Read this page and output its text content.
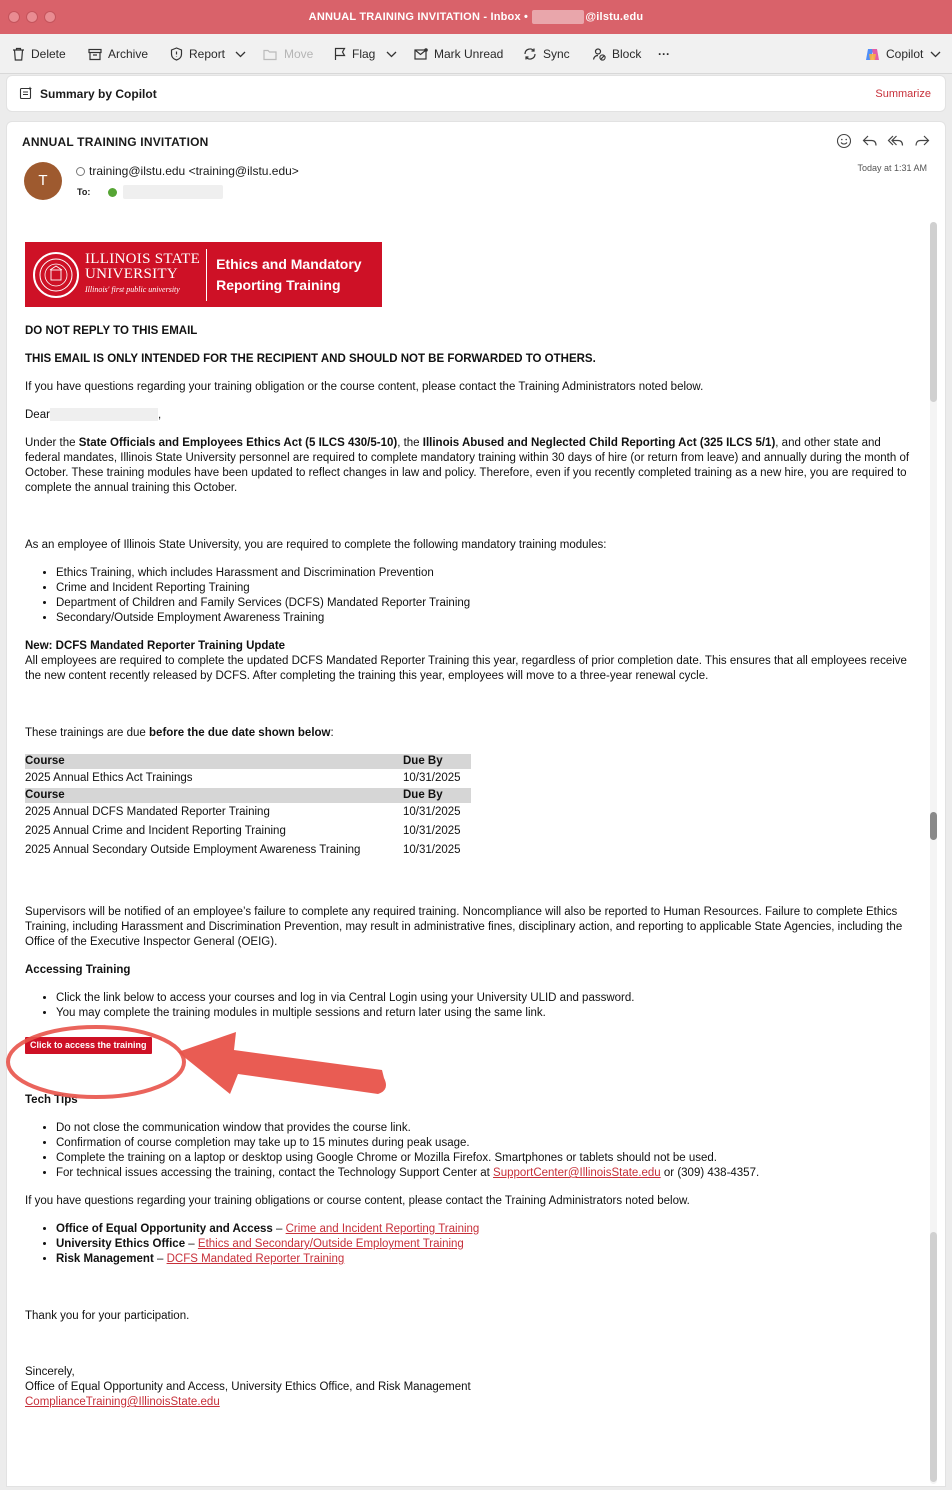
ANNUAL TRAINING INVITATION - Inbox •	@ilstu.edu
Delete	Archive	Report	Move	Flag	Mark Unread	Sync	Block ···	Copilot
Summary by Copilot	Summarize
ANNUAL TRAINING INVITATION
T
training@ilstu.edu <training@ilstu.edu>
To:
Today at 1:31 AM
ILLINOIS STATE
UNIVERSITY
Illinois' first public university
Ethics and Mandatory
Reporting Training
DO NOT REPLY TO THIS EMAIL
THIS EMAIL IS ONLY INTENDED FOR THE RECIPIENT AND SHOULD NOT BE FORWARDED TO OTHERS.
If you have questions regarding your training obligation or the course content, please contact the Training Administrators noted below.
Dear	,
Under the State Officials and Employees Ethics Act (5 ILCS 430/5-10), the Illinois Abused and Neglected Child Reporting Act (325 ILCS 5/1), and other state and federal mandates, Illinois State University personnel are required to complete mandatory training within 30 days of hire (or return from leave) and annually during the month of October. These training modules have been updated to reflect changes in law and policy. Therefore, even if you recently completed training as a new hire, you are required to complete the annual training this October.
As an employee of Illinois State University, you are required to complete the following mandatory training modules:
• Ethics Training, which includes Harassment and Discrimination Prevention
• Crime and Incident Reporting Training
• Department of Children and Family Services (DCFS) Mandated Reporter Training
• Secondary/Outside Employment Awareness Training
New: DCFS Mandated Reporter Training Update
All employees are required to complete the updated DCFS Mandated Reporter Training this year, regardless of prior completion date. This ensures that all employees receive the new content recently released by DCFS. After completing the training this year, employees will move to a three-year renewal cycle.
These trainings are due before the due date shown below:
Course	Due By
2025 Annual Ethics Act Trainings	10/31/2025
Course	Due By
2025 Annual DCFS Mandated Reporter Training	10/31/2025
2025 Annual Crime and Incident Reporting Training	10/31/2025
2025 Annual Secondary Outside Employment Awareness Training	10/31/2025
Supervisors will be notified of an employee’s failure to complete any required training. Noncompliance will also be reported to Human Resources. Failure to complete Ethics Training, including Harassment and Discrimination Prevention, may result in administrative fines, disciplinary action, and reporting to applicable State Agencies, including the Office of the Executive Inspector General (OEIG).
Accessing Training
• Click the link below to access your courses and log in via Central Login using your University ULID and password.
• You may complete the training modules in multiple sessions and return later using the same link.
Click to access the training
Tech Tips
• Do not close the communication window that provides the course link.
• Confirmation of course completion may take up to 15 minutes during peak usage.
• Complete the training on a laptop or desktop using Google Chrome or Mozilla Firefox. Smartphones or tablets should not be used.
• For technical issues accessing the training, contact the Technology Support Center at SupportCenter@IllinoisState.edu or (309) 438-4357.
If you have questions regarding your training obligations or course content, please contact the Training Administrators noted below.
• Office of Equal Opportunity and Access – Crime and Incident Reporting Training
• University Ethics Office – Ethics and Secondary/Outside Employment Training
• Risk Management – DCFS Mandated Reporter Training
Thank you for your participation.
Sincerely,
Office of Equal Opportunity and Access, University Ethics Office, and Risk Management
ComplianceTraining@IllinoisState.edu
